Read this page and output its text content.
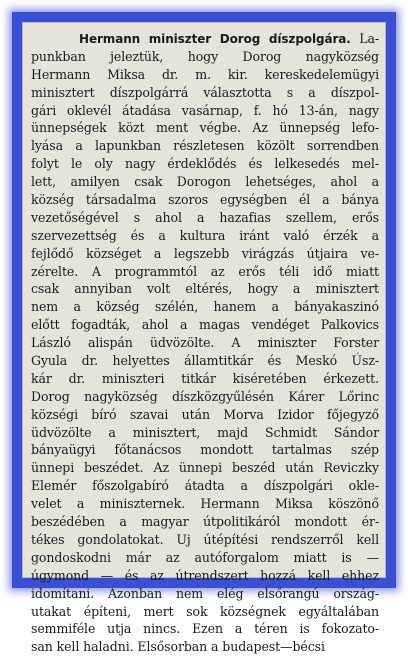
Hermann miniszter Dorog díszpolgára. La-
punkban jeleztük, hogy Dorog nagyközség
Hermann Miksa dr. m. kir. kereskedelemügyi
minisztert díszpolgárrá választotta s a díszpol-
gári oklevél átadása vasárnap, f. hó 13-án, nagy
ünnepségek közt ment végbe. Az ünnepség lefo-
lyása a lapunkban részletesen közölt sorrendben
folyt le oly nagy érdeklődés és lelkesedés mel-
lett, amilyen csak Dorogon lehetséges, ahol a
község társadalma szoros egységben él a bánya
vezetőségével s ahol a hazafias szellem, erős
szervezettség és a kultura iránt való érzék a
fejlődő községet a legszebb virágzás útjaira ve-
zérelte. A programmtól az erős téli idő miatt
csak annyiban volt eltérés, hogy a minisztert
nem a község szélén, hanem a bányakaszinó
előtt fogadták, ahol a magas vendéget Palkovics
László alispán üdvözölte. A miniszter Forster
Gyula dr. helyettes államtitkár és Meskó Úsz-
kár dr. miniszteri titkár kiséretében érkezett.
Dorog nagyközség díszközgyűlésén Kárer Lőrinc
községi bíró szavai után Morva Izidor főjegyző
üdvözölte a minisztert, majd Schmidt Sándor
bányaügyi főtanácsos mondott tartalmas szép
ünnepi beszédet. Az ünnepi beszéd után Reviczky
Elemér főszolgabíró átadta a díszpolgári okle-
velet a miniszternek. Hermann Miksa köszönő
beszédében a magyar útpolitikáról mondott ér-
tékes gondolatokat. Uj útépítési rendszerről kell
gondoskodni már az autóforgalom miatt is —
úgymond — és az útrendszert hozzá kell ehhez
idomítani. Azonban nem elég elsőrangú ország-
utakat építeni, mert sok községnek egyáltalában
semmiféle utja nincs. Ezen a téren is fokozato-
san kell haladni. Elsősorban a budapest—bécsi
